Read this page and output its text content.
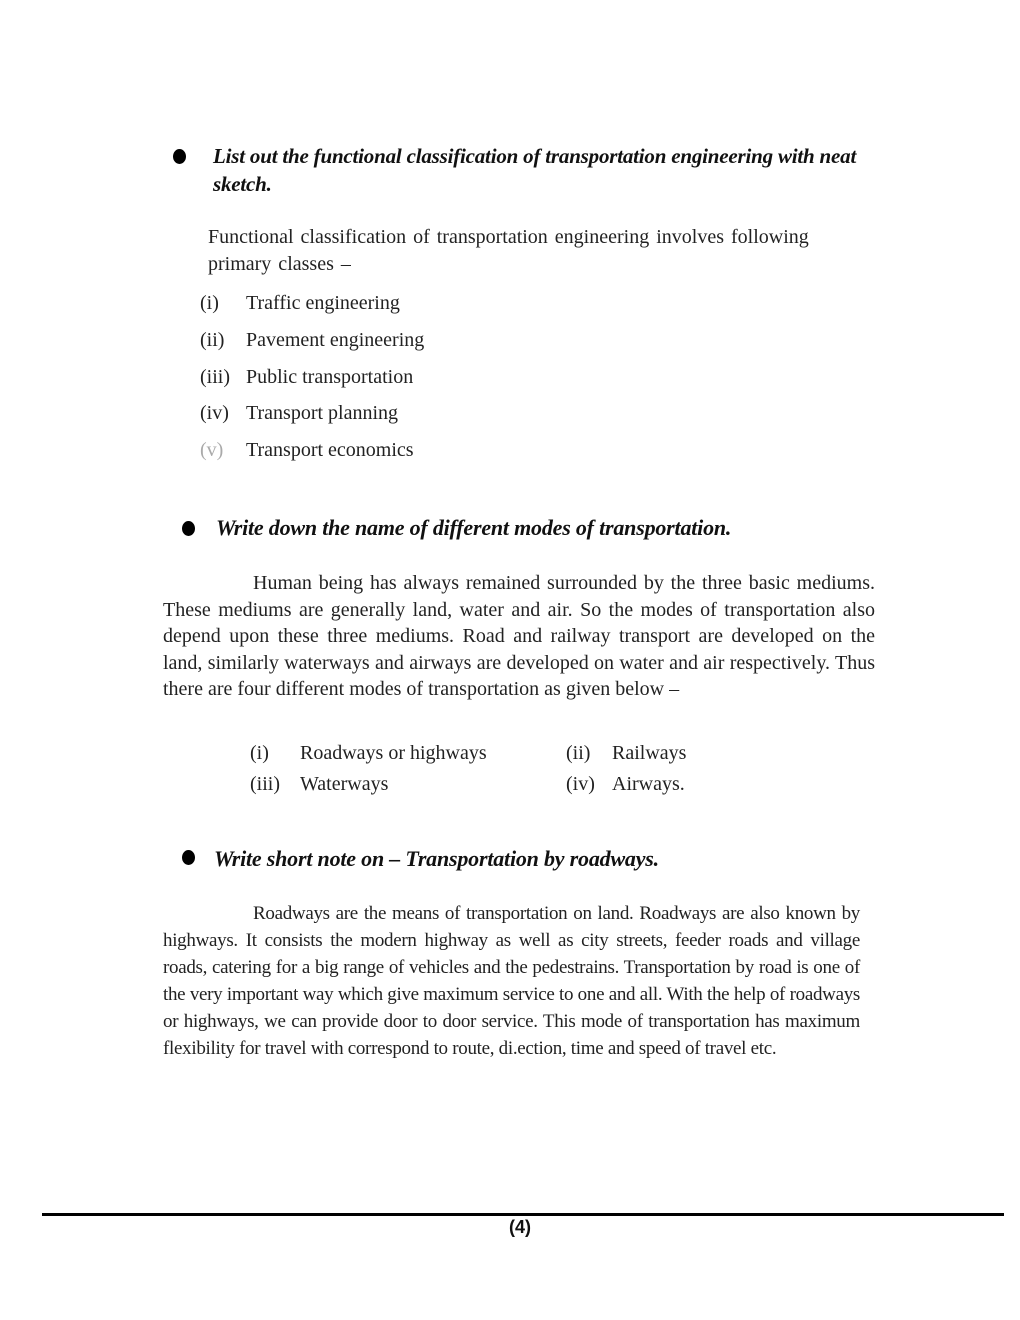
List out the functional classification of transportation engineering with neat sketch.
Functional classification of transportation engineering involves following primary classes –
(i) Traffic engineering
(ii) Pavement engineering
(iii) Public transportation
(iv) Transport planning
(v) Transport economics
Write down the name of different modes of transportation.
Human being has always remained surrounded by the three basic mediums. These mediums are generally land, water and air. So the modes of transportation also depend upon these three mediums. Road and railway transport are developed on the land, similarly waterways and airways are developed on water and air respectively. Thus there are four different modes of transportation as given below –
(i) Roadways or highways	(ii) Railways
(iii) Waterways	(iv) Airways.
Write short note on – Transportation by roadways.
Roadways are the means of transportation on land. Roadways are also known by highways. It consists the modern highway as well as city streets, feeder roads and village roads, catering for a big range of vehicles and the pedestrains. Transportation by road is one of the very important way which give maximum service to one and all. With the help of roadways or highways, we can provide door to door service. This mode of transportation has maximum flexibility for travel with correspond to route, di.ection, time and speed of travel etc.
(4)
